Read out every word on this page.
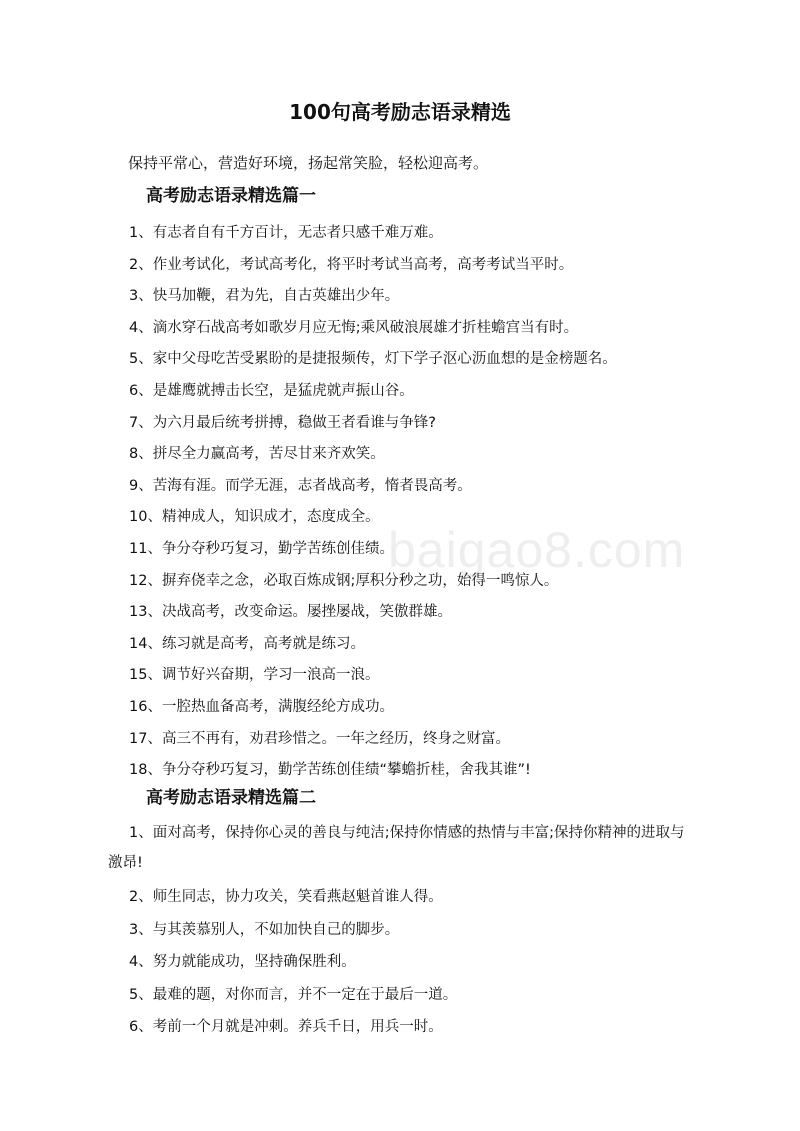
baigao8.com
100句高考励志语录精选
保持平常心，营造好环境，扬起常笑脸，轻松迎高考。
高考励志语录精选篇一
1、有志者自有千方百计，无志者只感千难万难。
2、作业考试化，考试高考化，将平时考试当高考，高考考试当平时。
3、快马加鞭，君为先，自古英雄出少年。
4、滴水穿石战高考如歌岁月应无悔;乘风破浪展雄才折桂蟾宫当有时。
5、家中父母吃苦受累盼的是捷报频传，灯下学子沤心沥血想的是金榜题名。
6、是雄鹰就搏击长空，是猛虎就声振山谷。
7、为六月最后统考拼搏，稳做王者看谁与争锋?
8、拼尽全力赢高考，苦尽甘来齐欢笑。
9、苦海有涯。而学无涯，志者战高考，惰者畏高考。
10、精神成人，知识成才，态度成全。
11、争分夺秒巧复习，勤学苦练创佳绩。
12、摒弃侥幸之念，必取百炼成钢;厚积分秒之功，始得一鸣惊人。
13、决战高考，改变命运。屡挫屡战，笑傲群雄。
14、练习就是高考，高考就是练习。
15、调节好兴奋期，学习一浪高一浪。
16、一腔热血备高考，满腹经纶方成功。
17、高三不再有，劝君珍惜之。一年之经历，终身之财富。
18、争分夺秒巧复习，勤学苦练创佳绩“攀蟾折桂，舍我其谁”!
高考励志语录精选篇二

1、面对高考，保持你心灵的善良与纯洁;保持你情感的热情与丰富;保持你精神的进取与激昂!

2、师生同志，协力攻关，笑看燕赵魁首谁人得。
3、与其羡慕别人，不如加快自己的脚步。
4、努力就能成功，坚持确保胜利。
5、最难的题，对你而言，并不一定在于最后一道。
6、考前一个月就是冲刺。养兵千日，用兵一时。
